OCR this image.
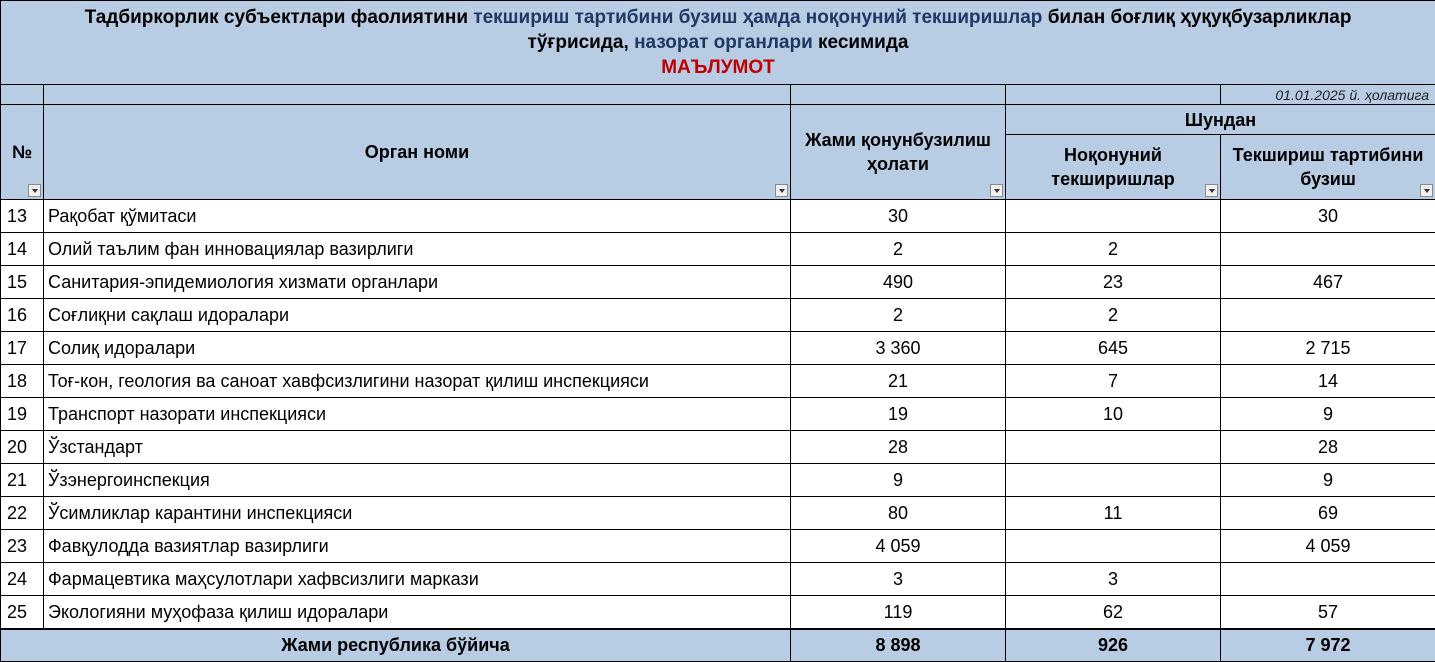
Тадбиркорлик субъектлари фаолиятини текшириш тартибини бузиш ҳамда ноқонуний текширишлар билан боғлиқ ҳуқуқбузарликлар
тўғрисида, назорат органлари кесимида
МАЪЛУМОТ				

				01.01.2025 й. ҳолатига
№	Орган номи	Жами қонунбузилиш ҳолати	Шундан	
			Ноқонуний текширишлар	Текшириш тартибини бузиш

13	Рақобат қўмитаси	30		30
14	Олий таълим фан инновациялар вазирлиги	2	2	
15	Санитария-эпидемиология хизмати органлари	490	23	467
16	Соғлиқни сақлаш идоралари	2	2	
17	Солиқ идоралари	3 360	645	2 715
18	Тоғ-кон, геология ва саноат хавфсизлигини назорат қилиш инспекцияси	21	7	14
19	Транспорт назорати инспекцияси	19	10	9
20	Ўзстандарт	28		28
21	Ўзэнергоинспекция	9		9
22	Ўсимликлар карантини инспекцияси	80	11	69
23	Фавқулодда вазиятлар вазирлиги	4 059		4 059
24	Фармацевтика маҳсулотлари хафвсизлиги маркази	3	3	
25	Экологияни муҳофаза қилиш идоралари	119	62	57
Жами республика бўйича		8 898	926	7 972
